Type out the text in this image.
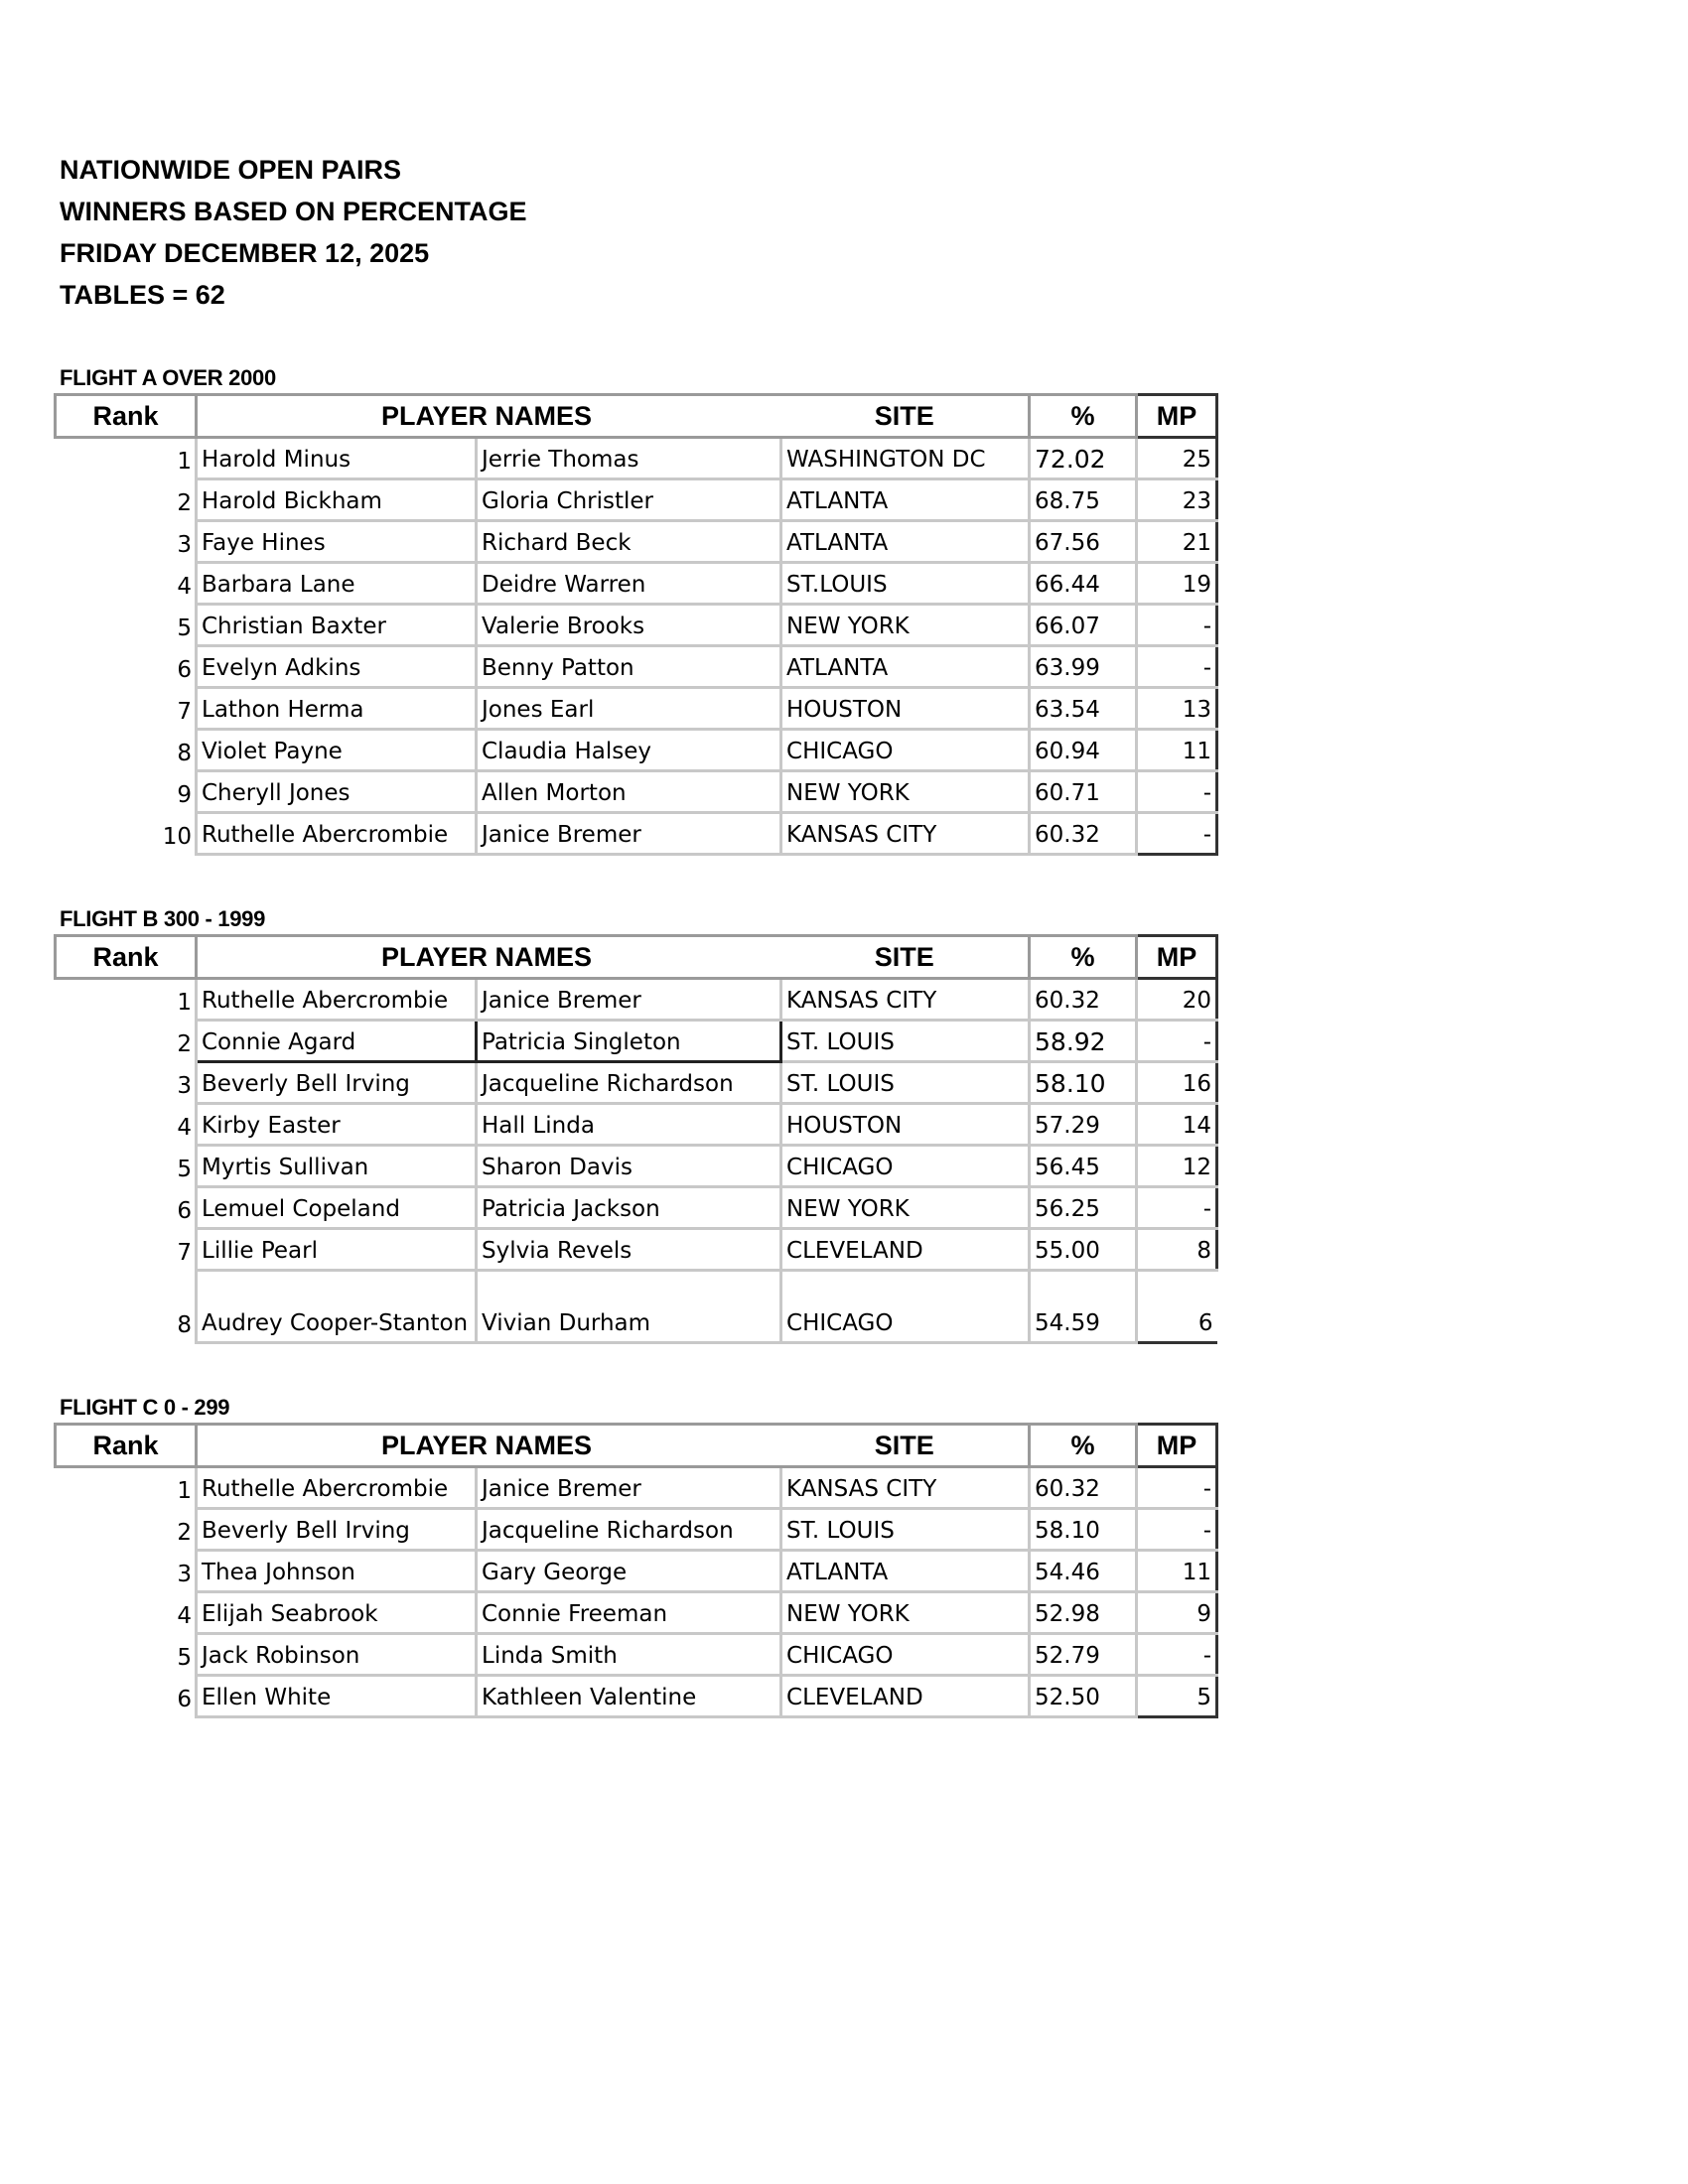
NATIONWIDE OPEN PAIRS
WINNERS BASED ON PERCENTAGE
FRIDAY DECEMBER 12, 2025
TABLES = 62
FLIGHT A OVER 2000
Rank	PLAYER NAMES		SITE	%	MP
1	Harold Minus	Jerrie Thomas	WASHINGTON DC	72.02	25
2	Harold Bickham	Gloria Christler	ATLANTA	68.75	23
3	Faye Hines	Richard Beck	ATLANTA	67.56	21
4	Barbara Lane	Deidre Warren	ST.LOUIS	66.44	19
5	Christian Baxter	Valerie Brooks	NEW YORK	66.07	-
6	Evelyn Adkins	Benny Patton	ATLANTA	63.99	-
7	Lathon Herma	Jones Earl	HOUSTON	63.54	13
8	Violet Payne	Claudia Halsey	CHICAGO	60.94	11
9	Cheryll Jones	Allen Morton	NEW YORK	60.71	-
10	Ruthelle Abercrombie	Janice Bremer	KANSAS CITY	60.32	-
FLIGHT B 300 - 1999
Rank	PLAYER NAMES		SITE	%	MP
1	Ruthelle Abercrombie	Janice Bremer	KANSAS CITY	60.32	20
2	Connie Agard	Patricia Singleton	ST. LOUIS	58.92	-
3	Beverly Bell Irving	Jacqueline Richardson	ST. LOUIS	58.10	16
4	Kirby Easter	Hall Linda	HOUSTON	57.29	14
5	Myrtis Sullivan	Sharon Davis	CHICAGO	56.45	12
6	Lemuel Copeland	Patricia Jackson	NEW YORK	56.25	-
7	Lillie Pearl	Sylvia Revels	CLEVELAND	55.00	8
8	Audrey Cooper-Stanton	Vivian Durham	CHICAGO	54.59	6
FLIGHT C 0 - 299
Rank	PLAYER NAMES		SITE	%	MP
1	Ruthelle Abercrombie	Janice Bremer	KANSAS CITY	60.32	-
2	Beverly Bell Irving	Jacqueline Richardson	ST. LOUIS	58.10	-
3	Thea Johnson	Gary George	ATLANTA	54.46	11
4	Elijah Seabrook	Connie Freeman	NEW YORK	52.98	9
5	Jack Robinson	Linda Smith	CHICAGO	52.79	-
6	Ellen White	Kathleen Valentine	CLEVELAND	52.50	5
